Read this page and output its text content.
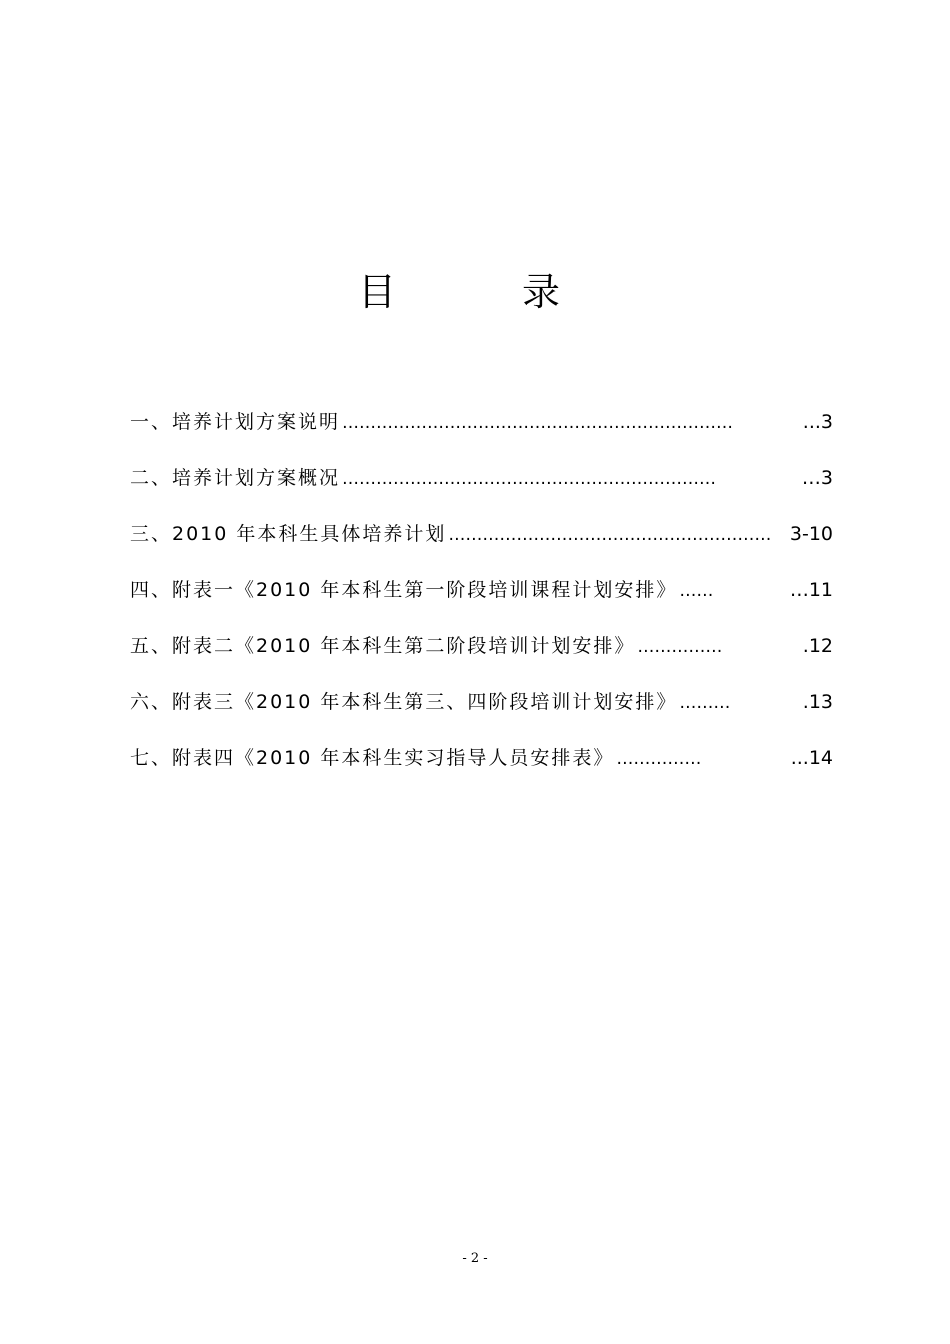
目	录
一、培养计划方案说明 ……………………………………………………………	...3
二、培养计划方案概况 …………………………………………………………	…3
三、2010 年本科生具体培养计划 ………………………………………………… 3-10
四、附表一《2010 年本科生第一阶段培训课程计划安排》 ……	…11
五、附表二《2010 年本科生第二阶段培训计划安排》 ……………	.12
六、附表三《2010 年本科生第三、四阶段培训计划安排》 ………	.13
七、附表四《2010 年本科生实习指导人员安排表》 ……………	...14
- 2 -
